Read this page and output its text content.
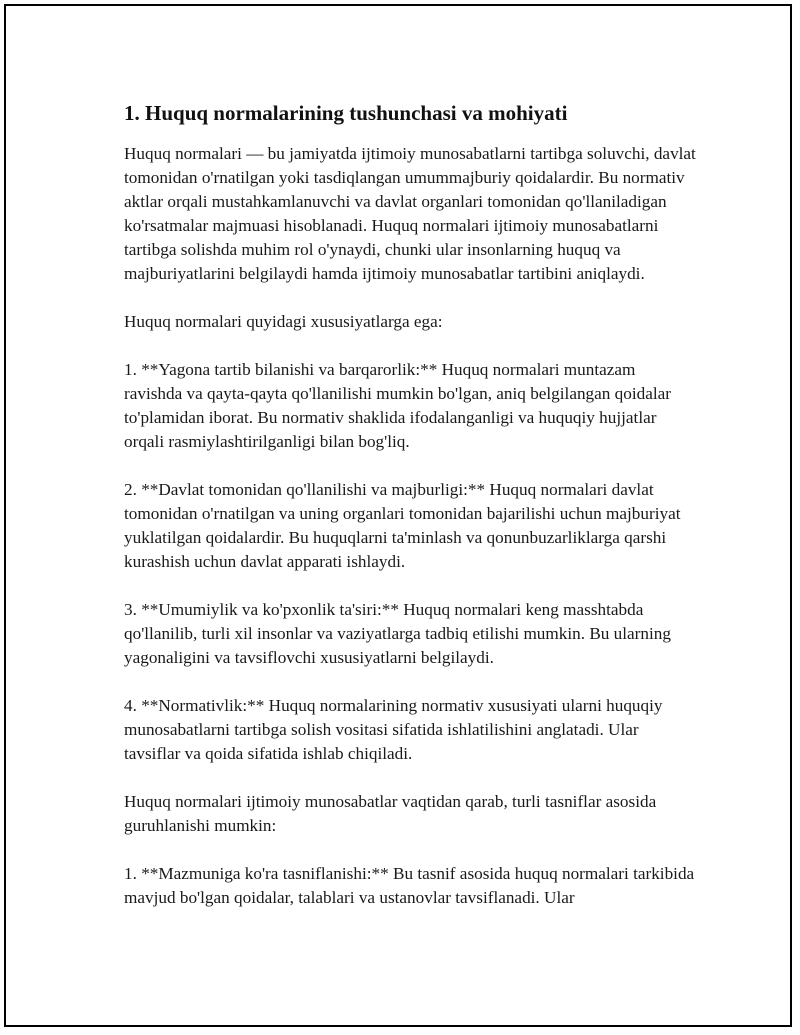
1. Huquq normalarining tushunchasi va mohiyati

Huquq normalari — bu jamiyatda ijtimoiy munosabatlarni tartibga soluvchi, davlat tomonidan o'rnatilgan yoki tasdiqlangan umummajburiy qoidalardir. Bu normativ aktlar orqali mustahkamlanuvchi va davlat organlari tomonidan qo'llaniladigan ko'rsatmalar majmuasi hisoblanadi. Huquq normalari ijtimoiy munosabatlarni tartibga solishda muhim rol o'ynaydi, chunki ular insonlarning huquq va majburiyatlarini belgilaydi hamda ijtimoiy munosabatlar tartibini aniqlaydi.

Huquq normalari quyidagi xususiyatlarga ega:

1. **Yagona tartib bilanishi va barqarorlik:** Huquq normalari muntazam ravishda va qayta-qayta qo'llanilishi mumkin bo'lgan, aniq belgilangan qoidalar to'plamidan iborat. Bu normativ shaklida ifodalanganligi va huquqiy hujjatlar orqali rasmiylashtirilganligi bilan bog'liq.

2. **Davlat tomonidan qo'llanilishi va majburligi:** Huquq normalari davlat tomonidan o'rnatilgan va uning organlari tomonidan bajarilishi uchun majburiyat yuklatilgan qoidalardir. Bu huquqlarni ta'minlash va qonunbuzarliklarga qarshi kurashish uchun davlat apparati ishlaydi.

3. **Umumiylik va ko'pxonlik ta'siri:** Huquq normalari keng masshtabda qo'llanilib, turli xil insonlar va vaziyatlarga tadbiq etilishi mumkin. Bu ularning yagonaligini va tavsiflovchi xususiyatlarni belgilaydi.

4. **Normativlik:** Huquq normalarining normativ xususiyati ularni huquqiy munosabatlarni tartibga solish vositasi sifatida ishlatilishini anglatadi. Ular tavsiflar va qoida sifatida ishlab chiqiladi.

Huquq normalari ijtimoiy munosabatlar vaqtidan qarab, turli tasniflar asosida guruhlanishi mumkin:

1. **Mazmuniga ko'ra tasniflanishi:** Bu tasnif asosida huquq normalari tarkibida mavjud bo'lgan qoidalar, talablari va ustanovlar tavsiflanadi. Ular
